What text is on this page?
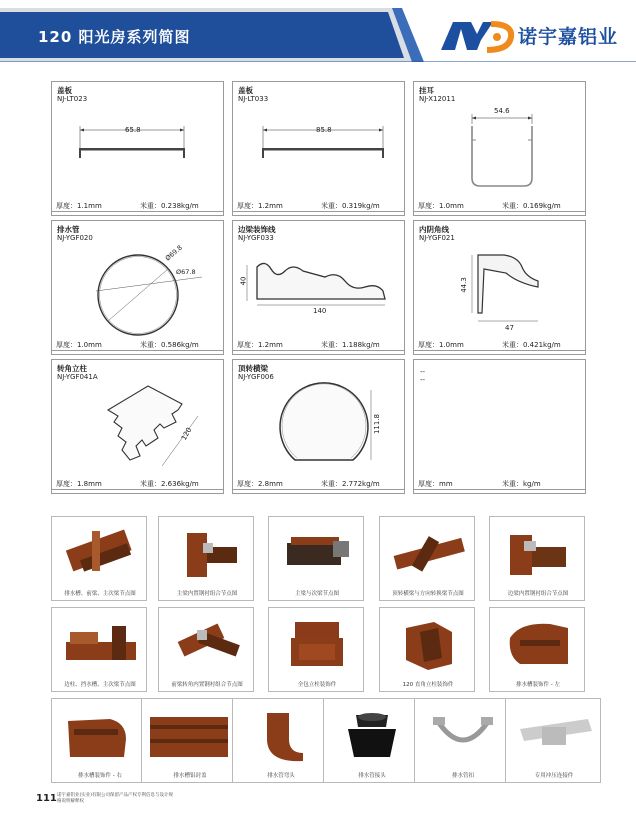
120 阳光房系列简图	诺宇嘉铝业
盖板
NJ-LT023
65.8
厚度：1.1mm	米重：0.238kg/m
盖板
NJ-LT033
85.8
厚度：1.2mm	米重：0.319kg/m
挂耳
NJ-X12011
54.6
厚度：1.0mm	米重：0.169kg/m
排水管
NJ-YGF020
Ø69.8
Ø67.8
厚度：1.0mm	米重：0.586kg/m
边梁装饰线
NJ-YGF033
40
140
厚度：1.2mm	米重：1.188kg/m
内阴角线
NJ-YGF021
44.3
47
厚度：1.0mm	米重：0.421kg/m
转角立柱
NJ-YGF041A
120
厚度：1.8mm	米重：2.636kg/m
顶转横梁
NJ-YGF006
111.8
厚度：2.8mm	米重：2.772kg/m
--
--
厚度：mm	米重：kg/m
排水槽、前梁、主次梁节点图	主梁内置钢衬组合节点图	主梁与次梁节点图	顶转横梁与方向转换梁节点图	边梁内置钢衬组合节点图
边柱、挡水槽、主次梁节点图	前梁转角内置钢衬组合节点图	全包立柱装饰件	120 直角立柱装饰件	排水槽装饰件 - 左
排水槽装饰件 - 右	排水槽铝封盖	排水管弯头	排水管接头	排水管扣	专用冲压连接件
111 诺宇嘉铝业(实业)有限公司保留产品产权专利信息与设计规格说明解释权
